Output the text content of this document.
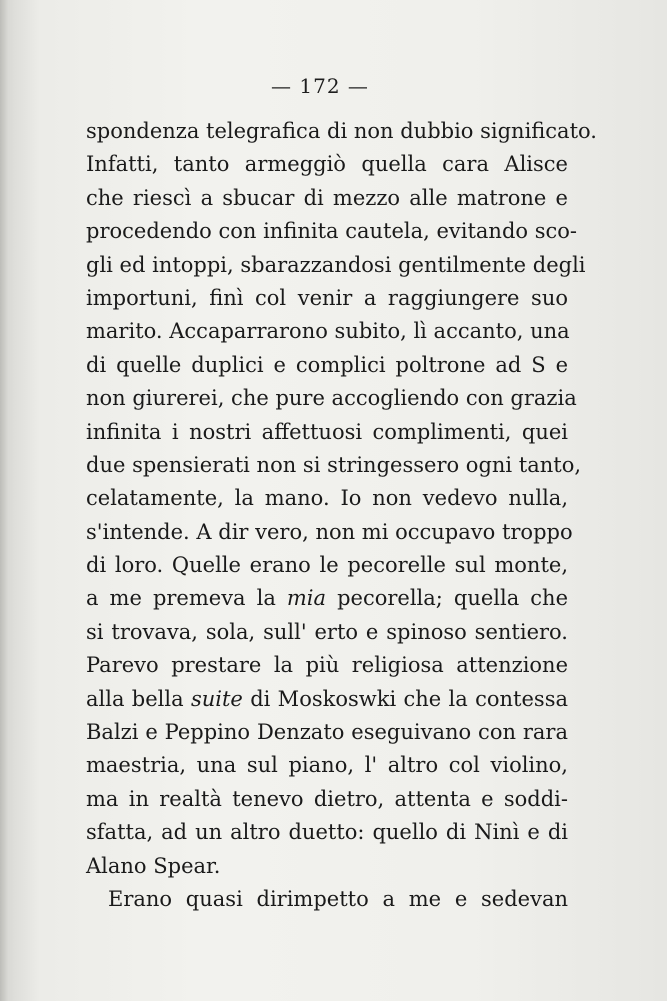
— 172 —
spondenza telegrafica di non dubbio significato.
Infatti, tanto armeggiò quella cara Alisce
che riescì a sbucar di mezzo alle matrone e
procedendo con infinita cautela, evitando sco-
gli ed intoppi, sbarazzandosi gentilmente degli
importuni, finì col venir a raggiungere suo
marito. Accaparrarono subito, lì accanto, una
di quelle duplici e complici poltrone ad S e
non giurerei, che pure accogliendo con grazia
infinita i nostri affettuosi complimenti, quei
due spensierati non si stringessero ogni tanto,
celatamente, la mano. Io non vedevo nulla,
s'intende. A dir vero, non mi occupavo troppo
di loro. Quelle erano le pecorelle sul monte,
a me premeva la mia pecorella; quella che
si trovava, sola, sull' erto e spinoso sentiero.
Parevo prestare la più religiosa attenzione
alla bella suite di Moskoswki che la contessa
Balzi e Peppino Denzato eseguivano con rara
maestria, una sul piano, l' altro col violino,
ma in realtà tenevo dietro, attenta e soddi-
sfatta, ad un altro duetto: quello di Ninì e di
Alano Spear.
Erano quasi dirimpetto a me e sedevan
